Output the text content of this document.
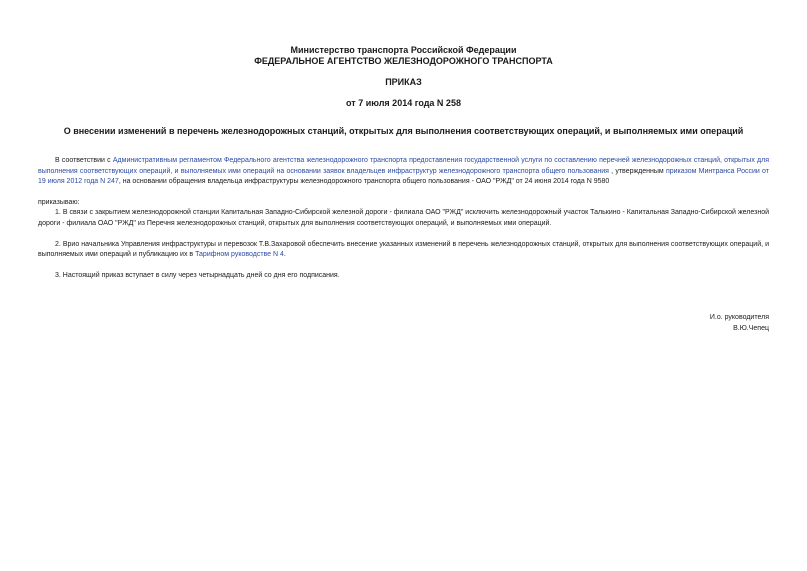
Министерство транспорта Российской Федерации
ФЕДЕРАЛЬНОЕ АГЕНТСТВО ЖЕЛЕЗНОДОРОЖНОГО ТРАНСПОРТА
ПРИКАЗ
от 7 июля 2014 года N 258
О внесении изменений в перечень железнодорожных станций, открытых для выполнения соответствующих операций, и выполняемых ими операций

В соответствии с Административным регламентом Федерального агентства железнодорожного транспорта предоставления государственной услуги по составлению перечней железнодорожных станций, открытых для выполнения соответствующих операций, и выполняемых ими операций на основании заявок владельцев инфраструктур железнодорожного транспорта общего пользования , утвержденным приказом Минтранса России от 19 июля 2012 года N 247, на основании обращения владельца инфраструктуры железнодорожного транспорта общего пользования - ОАО "РЖД" от 24 июня 2014 года N 9580

приказываю:

1. В связи с закрытием железнодорожной станции Капитальная Западно-Сибирской железной дороги - филиала ОАО "РЖД" исключить железнодорожный участок Талькино - Капитальная Западно-Сибирской железной дороги - филиала ОАО "РЖД" из Перечня железнодорожных станций, открытых для выполнения соответствующих операций, и выполняемых ими операций.

2. Врио начальника Управления инфраструктуры и перевозок Т.В.Захаровой обеспечить внесение указанных изменений в перечень железнодорожных станций, открытых для выполнения соответствующих операций, и выполняемых ими операций и публикацию их в Тарифном руководстве N 4.

3. Настоящий приказ вступает в силу через четырнадцать дней со дня его подписания.

И.о. руководителя
В.Ю.Чепец
